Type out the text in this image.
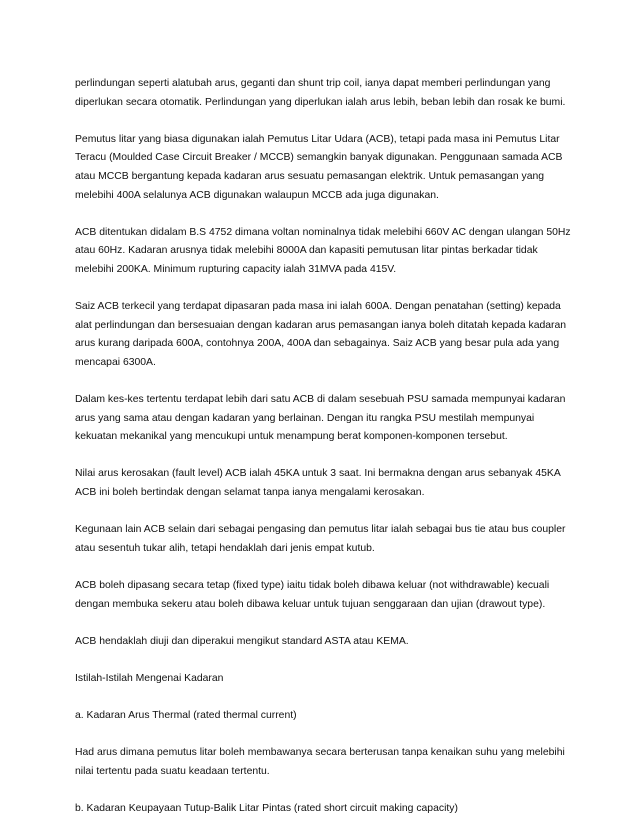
perlindungan seperti alatubah arus, geganti dan shunt trip coil, ianya dapat memberi perlindungan yang diperlukan secara otomatik. Perlindungan yang diperlukan ialah arus lebih, beban lebih dan rosak ke bumi.

Pemutus litar yang biasa digunakan ialah Pemutus Litar Udara (ACB), tetapi pada masa ini Pemutus Litar Teracu (Moulded Case Circuit Breaker / MCCB) semangkin banyak digunakan. Penggunaan samada ACB atau MCCB bergantung kepada kadaran arus sesuatu pemasangan elektrik. Untuk pemasangan yang melebihi 400A selalunya ACB digunakan walaupun MCCB ada juga digunakan.

ACB ditentukan didalam B.S 4752 dimana voltan nominalnya tidak melebihi 660V AC dengan ulangan 50Hz atau 60Hz. Kadaran arusnya tidak melebihi 8000A dan kapasiti pemutusan litar pintas berkadar tidak melebihi 200KA. Minimum rupturing capacity ialah 31MVA pada 415V.

Saiz ACB terkecil yang terdapat dipasaran pada masa ini ialah 600A. Dengan penatahan (setting) kepada alat perlindungan dan bersesuaian dengan kadaran arus pemasangan ianya boleh ditatah kepada kadaran arus kurang daripada 600A, contohnya 200A, 400A dan sebagainya. Saiz ACB yang besar pula ada yang mencapai 6300A.

Dalam kes-kes tertentu terdapat lebih dari satu ACB di dalam sesebuah PSU samada mempunyai kadaran arus yang sama atau dengan kadaran yang berlainan. Dengan itu rangka PSU mestilah mempunyai kekuatan mekanikal yang mencukupi untuk menampung berat komponen-komponen tersebut.

Nilai arus kerosakan (fault level) ACB ialah 45KA untuk 3 saat. Ini bermakna dengan arus sebanyak 45KA ACB ini boleh bertindak dengan selamat tanpa ianya mengalami kerosakan.

Kegunaan lain ACB selain dari sebagai pengasing dan pemutus litar ialah sebagai bus tie atau bus coupler atau sesentuh tukar alih, tetapi hendaklah dari jenis empat kutub.

ACB boleh dipasang secara tetap (fixed type) iaitu tidak boleh dibawa keluar (not withdrawable) kecuali dengan membuka sekeru atau boleh dibawa keluar untuk tujuan senggaraan dan ujian (drawout type).

ACB hendaklah diuji dan diperakui mengikut standard ASTA atau KEMA.

Istilah-Istilah Mengenai Kadaran

a. Kadaran Arus Thermal (rated thermal current)

Had arus dimana pemutus litar boleh membawanya secara berterusan tanpa kenaikan suhu yang melebihi nilai tertentu pada suatu keadaan tertentu.

b. Kadaran Keupayaan Tutup-Balik Litar Pintas (rated short circuit making capacity)
